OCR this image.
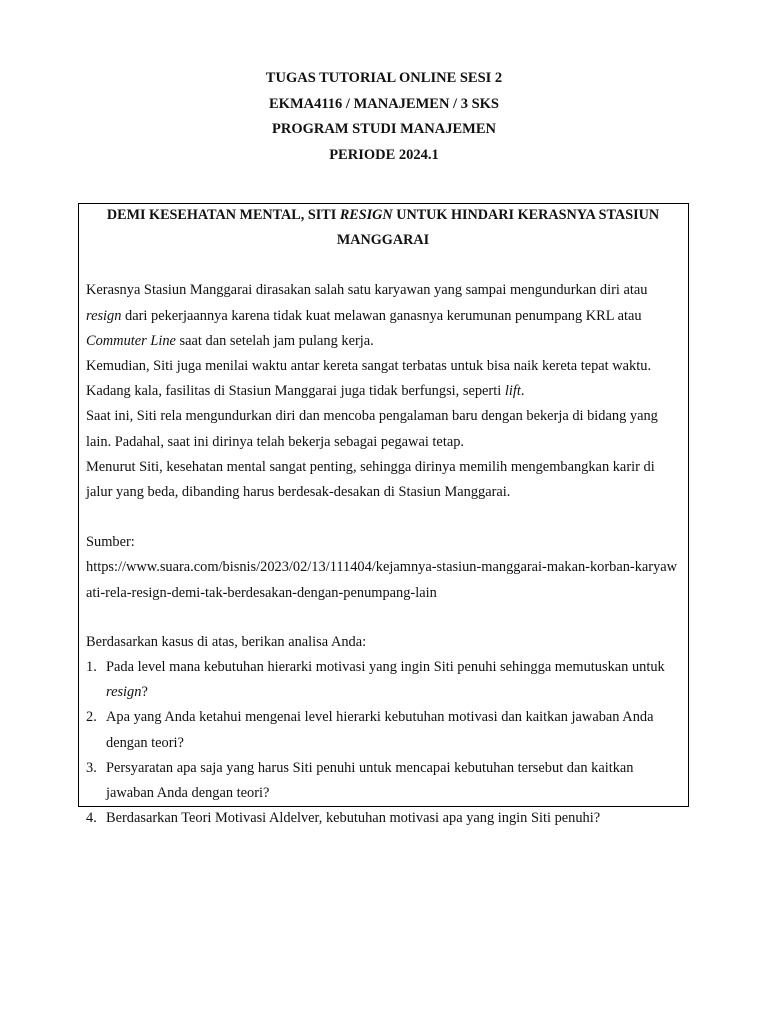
TUGAS TUTORIAL ONLINE SESI 2
EKMA4116 / MANAJEMEN / 3 SKS
PROGRAM STUDI MANAJEMEN
PERIODE 2024.1
DEMI KESEHATAN MENTAL, SITI RESIGN UNTUK HINDARI KERASNYA STASIUN MANGGARAI

Kerasnya Stasiun Manggarai dirasakan salah satu karyawan yang sampai mengundurkan diri atau resign dari pekerjaannya karena tidak kuat melawan ganasnya kerumunan penumpang KRL atau Commuter Line saat dan setelah jam pulang kerja.

Kemudian, Siti juga menilai waktu antar kereta sangat terbatas untuk bisa naik kereta tepat waktu. Kadang kala, fasilitas di Stasiun Manggarai juga tidak berfungsi, seperti lift.

Saat ini, Siti rela mengundurkan diri dan mencoba pengalaman baru dengan bekerja di bidang yang lain. Padahal, saat ini dirinya telah bekerja sebagai pegawai tetap.

Menurut Siti, kesehatan mental sangat penting, sehingga dirinya memilih mengembangkan karir di jalur yang beda, dibanding harus berdesak-desakan di Stasiun Manggarai.

Sumber:
https://www.suara.com/bisnis/2023/02/13/111404/kejamnya-stasiun-manggarai-makan-korban-karyawati-rela-resign-demi-tak-berdesakan-dengan-penumpang-lain
Berdasarkan kasus di atas, berikan analisa Anda:
1. Pada level mana kebutuhan hierarki motivasi yang ingin Siti penuhi sehingga memutuskan untuk resign?
2. Apa yang Anda ketahui mengenai level hierarki kebutuhan motivasi dan kaitkan jawaban Anda dengan teori?
3. Persyaratan apa saja yang harus Siti penuhi untuk mencapai kebutuhan tersebut dan kaitkan jawaban Anda dengan teori?
4. Berdasarkan Teori Motivasi Aldelver, kebutuhan motivasi apa yang ingin Siti penuhi?
